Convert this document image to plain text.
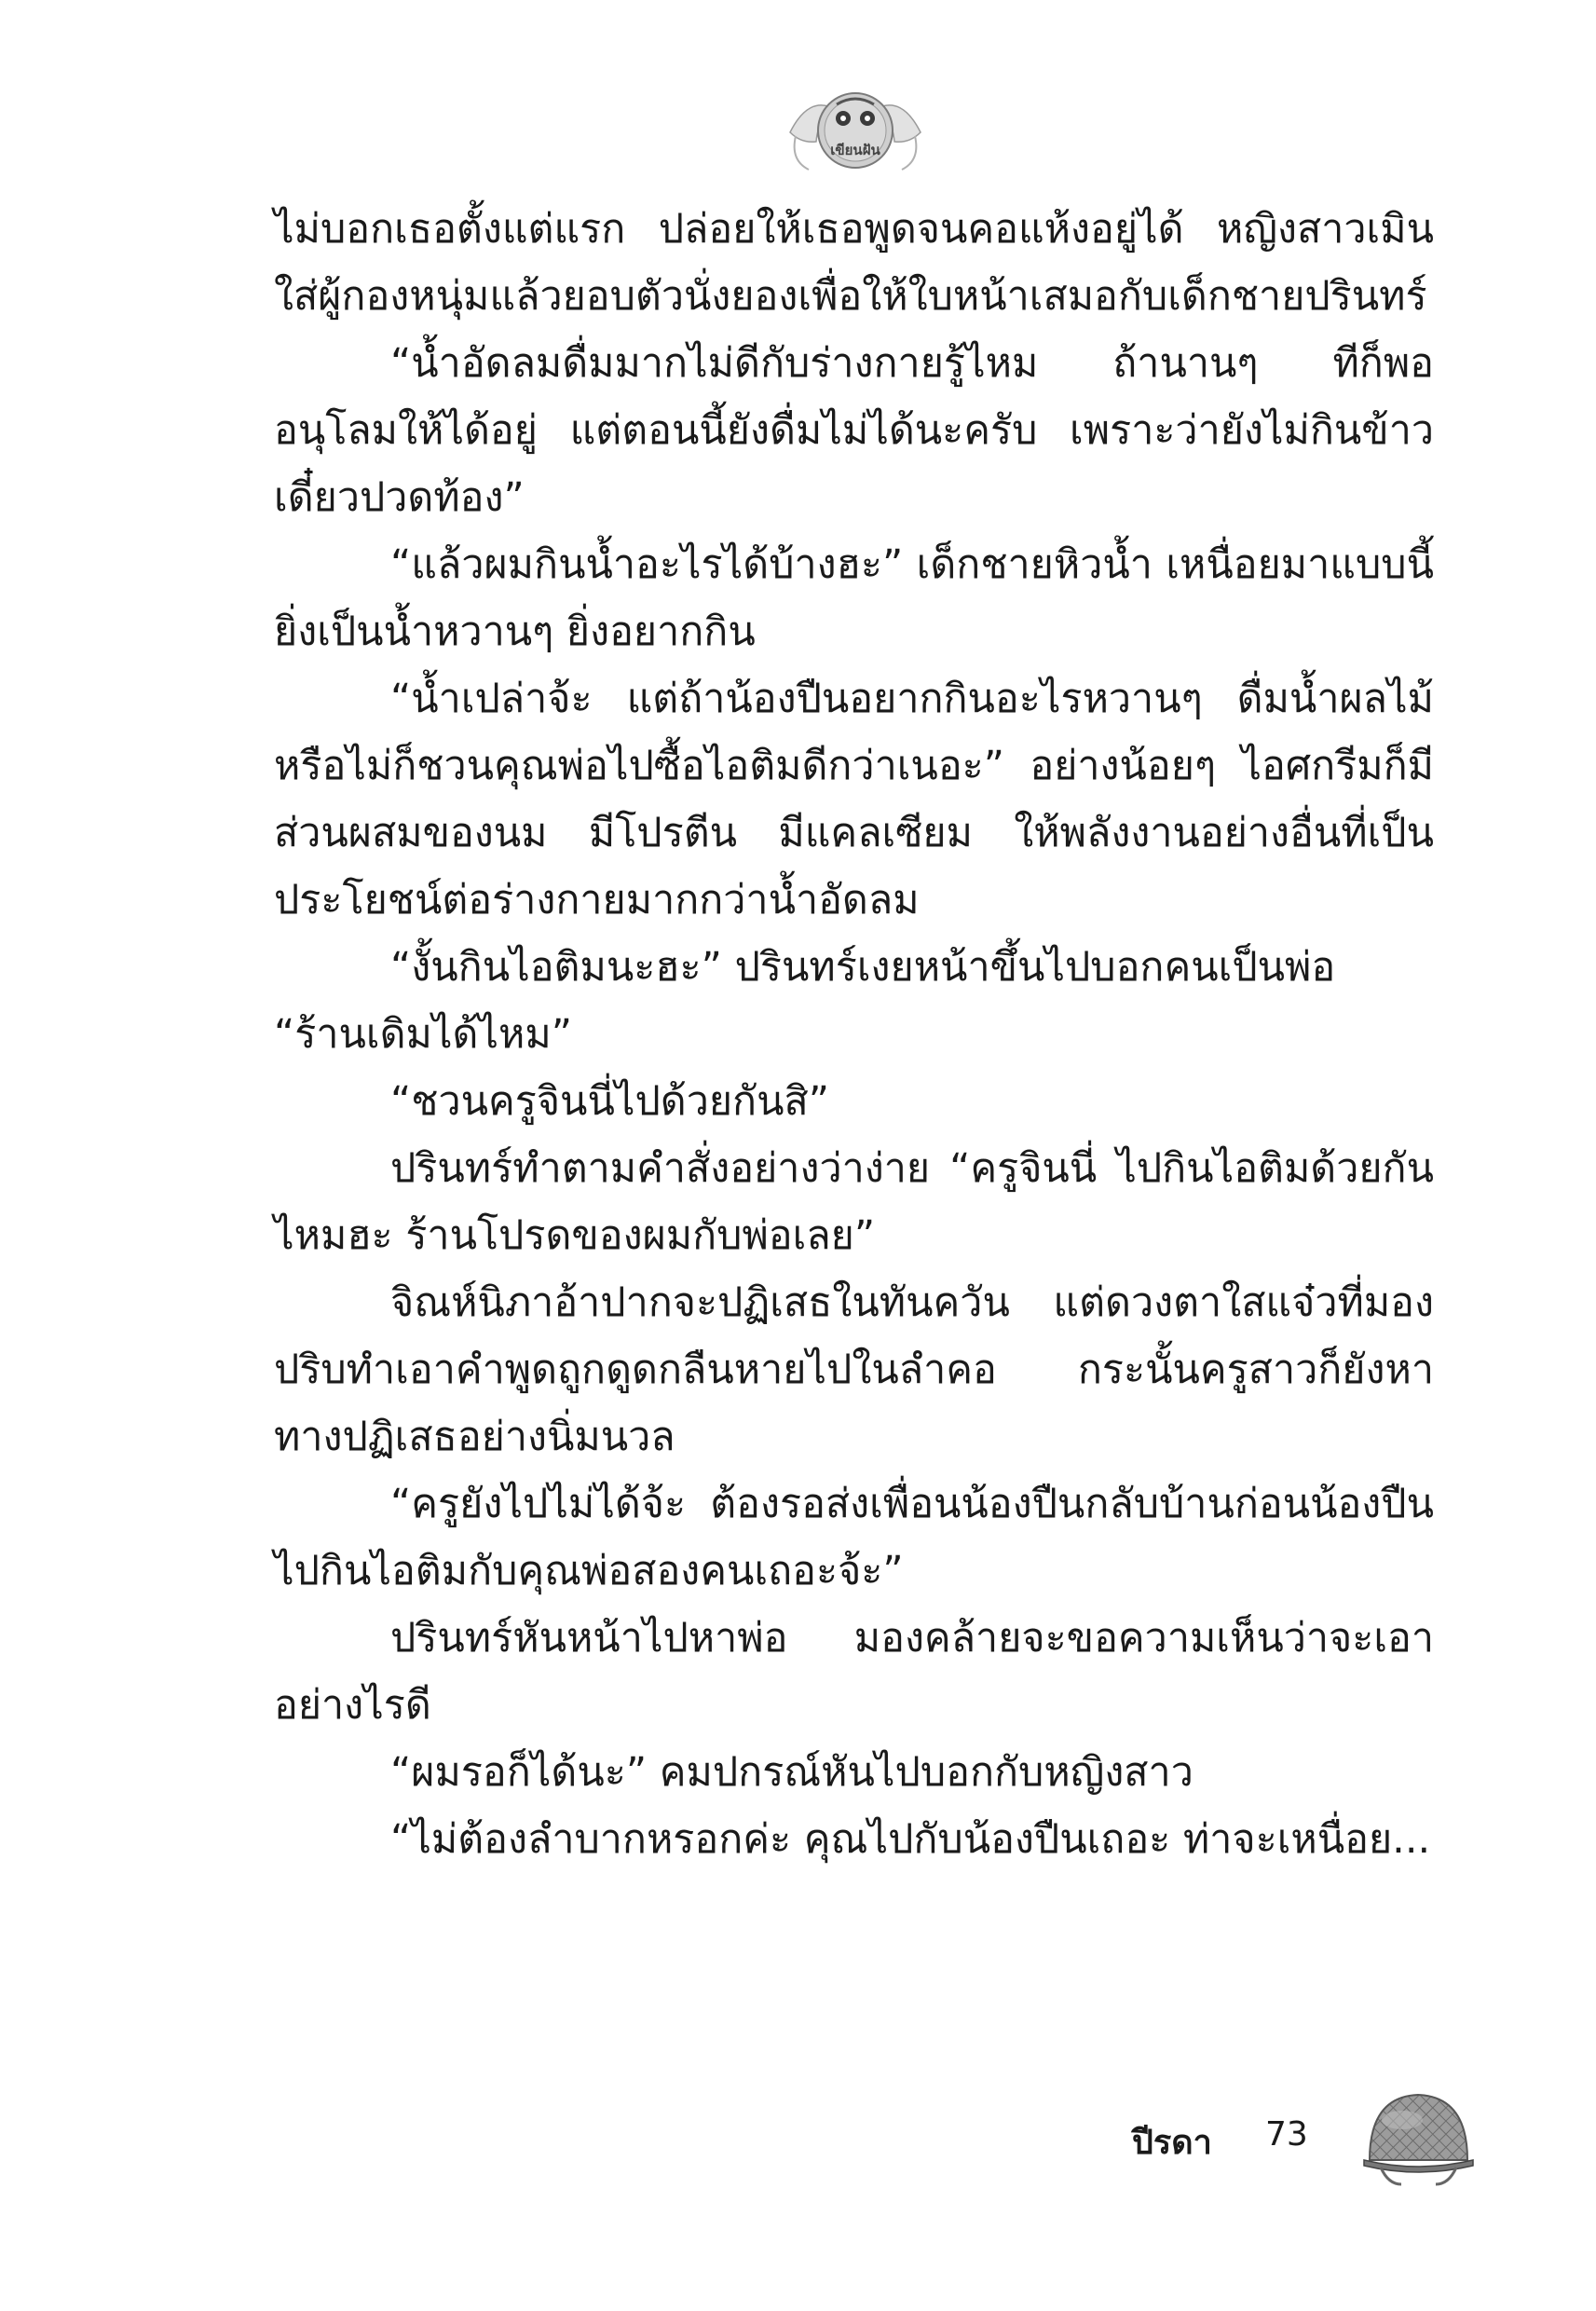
เขียนฝัน

ไม่บอกเธอตั้งแต่แรก ปล่อยให้เธอพูดจนคอแห้งอยู่ได้ หญิงสาวเมินใส่ผู้กองหนุ่มแล้วยอบตัวนั่งยองเพื่อให้ใบหน้าเสมอกับเด็กชายปรินทร์

“น้ำอัดลมดื่มมากไม่ดีกับร่างกายรู้ไหม ถ้านานๆ ทีก็พออนุโลมให้ได้อยู่ แต่ตอนนี้ยังดื่มไม่ได้นะครับ เพราะว่ายังไม่กินข้าวเดี๋ยวปวดท้อง”

“แล้วผมกินน้ำอะไรได้บ้างฮะ” เด็กชายหิวน้ำ เหนื่อยมาแบบนี้ยิ่งเป็นน้ำหวานๆ ยิ่งอยากกิน

“น้ำเปล่าจ้ะ แต่ถ้าน้องปืนอยากกินอะไรหวานๆ ดื่มน้ำผลไม้หรือไม่ก็ชวนคุณพ่อไปซื้อไอติมดีกว่าเนอะ” อย่างน้อยๆ ไอศกรีมก็มีส่วนผสมของนม มีโปรตีน มีแคลเซียม ให้พลังงานอย่างอื่นที่เป็นประโยชน์ต่อร่างกายมากกว่าน้ำอัดลม

“งั้นกินไอติมนะฮะ” ปรินทร์เงยหน้าขึ้นไปบอกคนเป็นพ่อ

“ร้านเดิมได้ไหม”

“ชวนครูจินนี่ไปด้วยกันสิ”

ปรินทร์ทำตามคำสั่งอย่างว่าง่าย “ครูจินนี่ ไปกินไอติมด้วยกันไหมฮะ ร้านโปรดของผมกับพ่อเลย”

จิณห์นิภาอ้าปากจะปฏิเสธในทันควัน แต่ดวงตาใสแจ๋วที่มองปริบทำเอาคำพูดถูกดูดกลืนหายไปในลำคอ กระนั้นครูสาวก็ยังหาทางปฏิเสธอย่างนิ่มนวล

“ครูยังไปไม่ได้จ้ะ ต้องรอส่งเพื่อนน้องปืนกลับบ้านก่อนน้องปืนไปกินไอติมกับคุณพ่อสองคนเถอะจ้ะ”

ปรินทร์หันหน้าไปหาพ่อ มองคล้ายจะขอความเห็นว่าจะเอาอย่างไรดี

“ผมรอก็ได้นะ” คมปกรณ์หันไปบอกกับหญิงสาว

“ไม่ต้องลำบากหรอกค่ะ คุณไปกับน้องปืนเถอะ ท่าจะเหนื่อย...

ปีรดา 73
